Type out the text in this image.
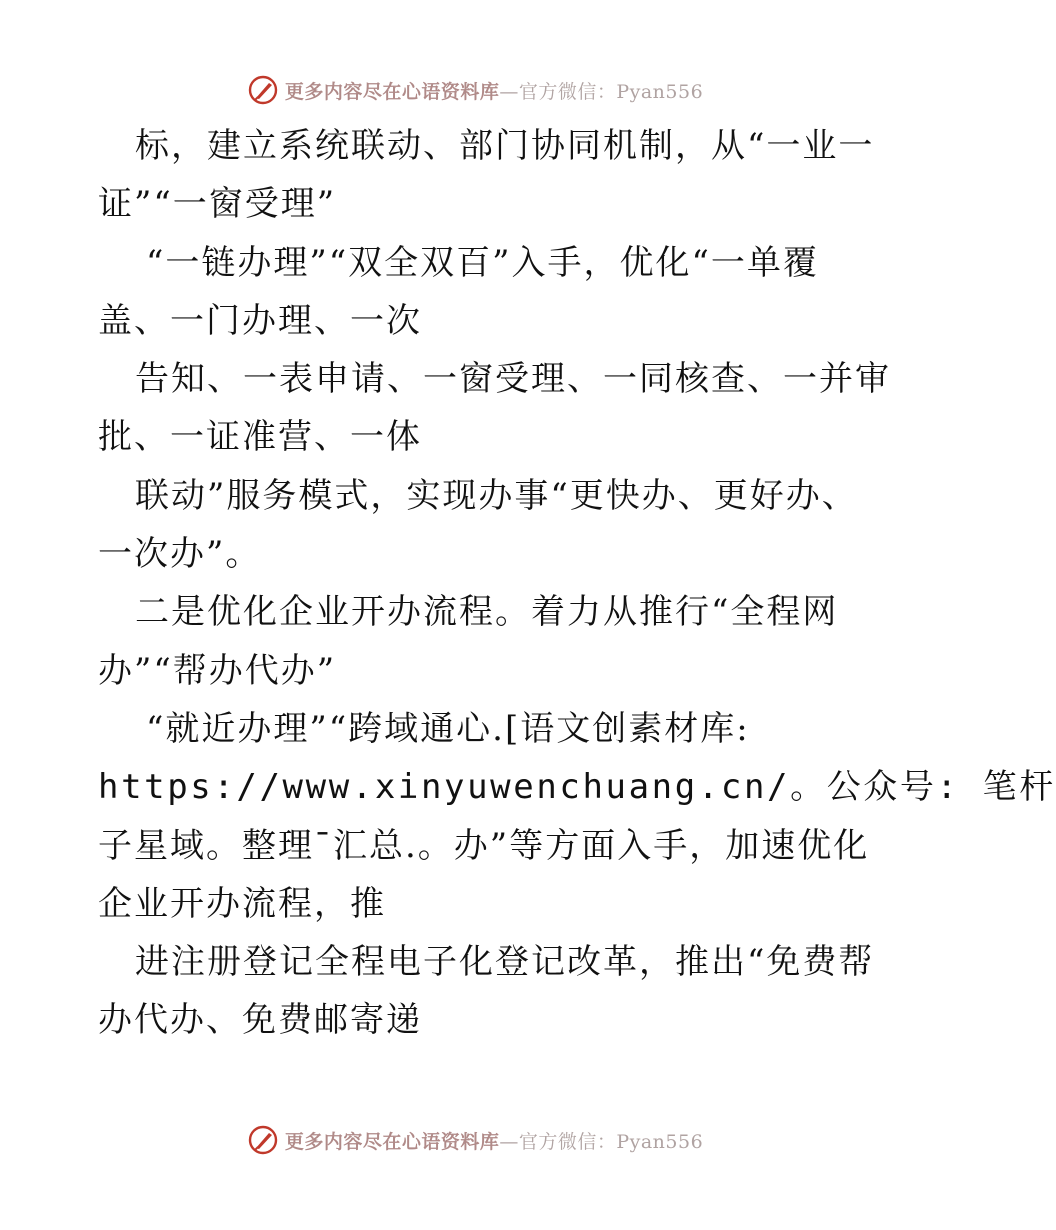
更多内容尽在心语资料库—官方微信：Pyan556
标，建立系统联动、部门协同机制，从“一业一
证”“一窗受理”
“一链办理”“双全双百”入手，优化“一单覆
盖、一门办理、一次
告知、一表申请、一窗受理、一同核查、一并审
批、一证准营、一体
联动”服务模式，实现办事“更快办、更好办、
一次办”。
二是优化企业开办流程。着力从推行“全程网
办”“帮办代办”
“就近办理”“跨域通心.[语文创素材库:
https://www.xinyuwenchuang.cn/。公众号: 笔杆
子星域。整理¯汇总.。办”等方面入手，加速优化
企业开办流程，推
进注册登记全程电子化登记改革，推出“免费帮
办代办、免费邮寄递
更多内容尽在心语资料库—官方微信：Pyan556
